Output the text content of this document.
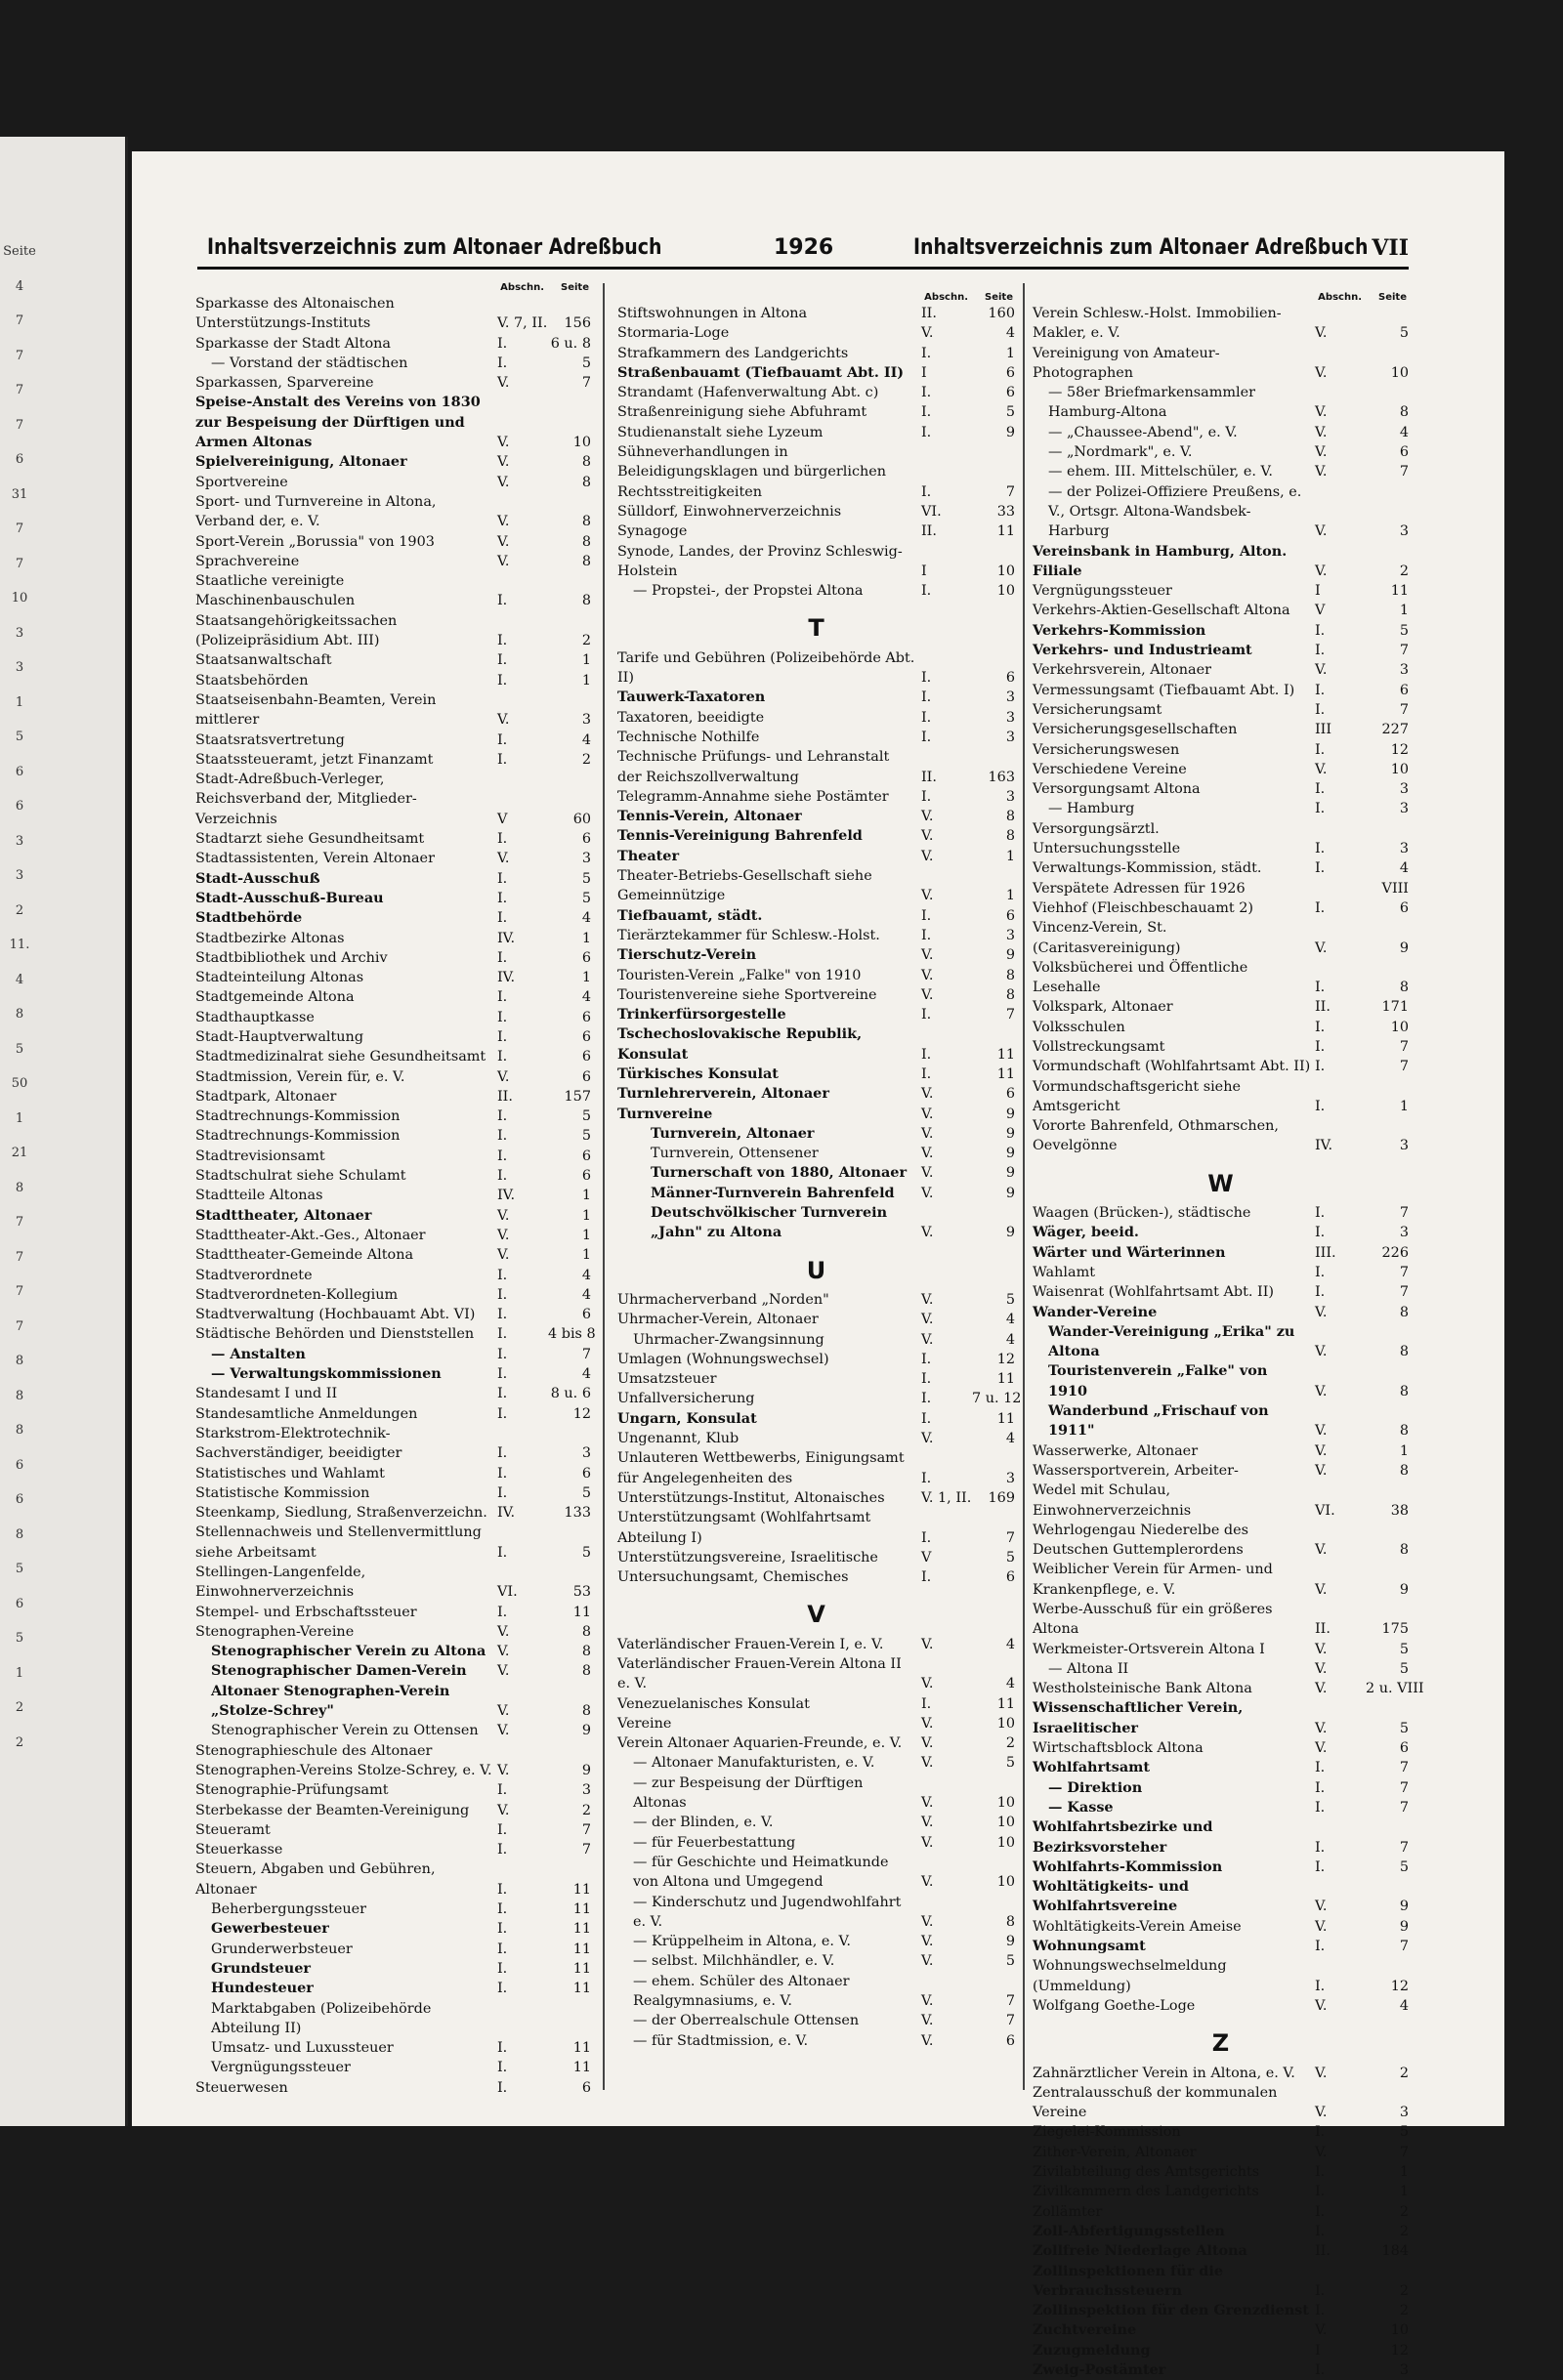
Seite
4
7
7
7
7
6
31
7
7
10
3
3
1
5
6
6
3
3
2
11.
4
8
5
50
1
21
8
7
7
7
7
8
8
8
6
6
8
5
6
5
1
2
2
Inhaltsverzeichnis zum Altonaer Adreßbuch	1926	Inhaltsverzeichnis zum Altonaer Adreßbuch VII
Abschn. Seite
Sparkasse des Altonaischen Unterstützungs-Instituts	V. 7, II.	156
Sparkasse der Stadt Altona	I.	6 u. 8
— Vorstand der städtischen	I.	5
Sparkassen, Sparvereine	V.	7
Speise-Anstalt des Vereins von 1830 zur Bespeisung der Dürftigen und Armen Altonas	V.	10
Spielvereinigung, Altonaer	V.	8
Sportvereine	V.	8
Sport- und Turnvereine in Altona, Verband der, e. V.	V.	8
Sport-Verein „Borussia" von 1903	V.	8
Sprachvereine	V.	8
Staatliche vereinigte Maschinenbauschulen	I.	8
Staatsangehörigkeitssachen (Polizeipräsidium Abt. III)	I.	2
Staatsanwaltschaft	I.	1
Staatsbehörden	I.	1
Staatseisenbahn-Beamten, Verein mittlerer	V.	3
Staatsratsvertretung	I.	4
Staatssteueramt, jetzt Finanzamt	I.	2
Stadt-Adreßbuch-Verleger, Reichsverband der, Mitglieder-Verzeichnis	V	60
Stadtarzt siehe Gesundheitsamt	I.	6
Stadtassistenten, Verein Altonaer	V.	3
Stadt-Ausschuß	I.	5
Stadt-Ausschuß-Bureau	I.	5
Stadtbehörde	I.	4
Stadtbezirke Altonas	IV.	1
Stadtbibliothek und Archiv	I.	6
Stadteinteilung Altonas	IV.	1
Stadtgemeinde Altona	I.	4
Stadthauptkasse	I.	6
Stadt-Hauptverwaltung	I.	6
Stadtmedizinalrat siehe Gesundheitsamt I.	6
Stadtmission, Verein für, e. V.	V.	6
Stadtpark, Altonaer	II.	157
Stadtrechnungs-Kommission	I.	5
Stadtrechnungs-Kommission	I.	5
Stadtrevisionsamt	I.	6
Stadtschulrat siehe Schulamt	I.	6
Stadtteile Altonas	IV.	1
Stadttheater, Altonaer	V.	1
Stadttheater-Akt.-Ges., Altonaer	V.	1
Stadttheater-Gemeinde Altona	V.	1
Stadtverordnete	I.	4
Stadtverordneten-Kollegium	I.	4
Stadtverwaltung (Hochbauamt Abt. VI)	I.	6
Städtische Behörden und Dienststellen	I.	4 bis 8
— Anstalten	I.	7
— Verwaltungskommissionen	I.	4
Standesamt I und II	I.	8 u. 6
Standesamtliche Anmeldungen	I.	12
Starkstrom-Elektrotechnik-Sachverständiger, beeidigter	I.	3
Statistisches und Wahlamt	I.	6
Statistische Kommission	I.	5
Steenkamp, Siedlung, Straßenverzeichn. IV.	133
Stellennachweis und Stellenvermittlung siehe Arbeitsamt	I.	5
Stellingen-Langenfelde, Einwohnerverzeichnis	VI.	53
Stempel- und Erbschaftssteuer	I.	11
Stenographen-Vereine	V.	8
Stenographischer Verein zu Altona V.	8
Stenographischer Damen-Verein	V.	8
Altonaer Stenographen-Verein „Stolze-Schrey"	V.	8
Stenographischer Verein zu Ottensen	V.	9
Stenographieschule des Altonaer Stenographen-Vereins Stolze-Schrey, e. V. V.	9
Stenographie-Prüfungsamt	I.	3
Sterbekasse der Beamten-Vereinigung	V.	2
Steueramt	I.	7
Steuerkasse	I.	7
Steuern, Abgaben und Gebühren, Altonaer	I.	11
Beherbergungssteuer	I.	11
Gewerbesteuer	I.	11
Grunderwerbsteuer	I.	11
Grundsteuer	I.	11
Hundesteuer	I.	11
Marktabgaben (Polizeibehörde Abteilung II)
Umsatz- und Luxussteuer	I.	11
Vergnügungssteuer	I.	11
Steuerwesen	I.	6
Abschn. Seite
Stiftswohnungen in Altona	II.	160
Stormaria-Loge	V.	4
Strafkammern des Landgerichts	I.	1
Straßenbauamt (Tiefbauamt Abt. II)	I	6
Strandamt (Hafenverwaltung Abt. c)	I.	6
Straßenreinigung siehe Abfuhramt	I.	5
Studienanstalt siehe Lyzeum	I.	9
Sühneverhandlungen in Beleidigungsklagen und bürgerlichen Rechtsstreitigkeiten	I.	7
Sülldorf, Einwohnerverzeichnis	VI.	33
Synagoge	II.	11
Synode, Landes, der Provinz Schleswig-Holstein	I	10
— Propstei-, der Propstei Altona	I.	10
T
Tarife und Gebühren (Polizeibehörde Abt. II)	I.	6
Tauwerk-Taxatoren	I.	3
Taxatoren, beeidigte	I.	3
Technische Nothilfe	I.	3
Technische Prüfungs- und Lehranstalt der Reichszollverwaltung	II.	163
Telegramm-Annahme siehe Postämter	I.	3
Tennis-Verein, Altonaer	V.	8
Tennis-Vereinigung Bahrenfeld	V.	8
Theater	V.	1
Theater-Betriebs-Gesellschaft siehe Gemeinnützige	V.	1
Tiefbauamt, städt.	I.	6
Tierärztekammer für Schlesw.-Holst.	I.	3
Tierschutz-Verein	V.	9
Touristen-Verein „Falke" von 1910	V.	8
Touristenvereine siehe Sportvereine	V.	8
Trinkerfürsorgestelle	I.	7
Tschechoslovakische Republik, Konsulat	I.	11
Türkisches Konsulat	I.	11
Turnlehrerverein, Altonaer	V.	6
Turnvereine	V.	9
Turnverein, Altonaer	V.	9
Turnverein, Ottensener	V.	9
Turnerschaft von 1880, Altonaer	V.	9
Männer-Turnverein Bahrenfeld	V.	9
Deutschvölkischer Turnverein „Jahn" zu Altona	V.	9
U
Uhrmacherverband „Norden"	V.	5
Uhrmacher-Verein, Altonaer	V.	4
Uhrmacher-Zwangsinnung	V.	4
Umlagen (Wohnungswechsel)	I.	12
Umsatzsteuer	I.	11
Unfallversicherung	I.	7 u. 12
Ungarn, Konsulat	I.	11
Ungenannt, Klub	V.	4
Unlauteren Wettbewerbs, Einigungsamt für Angelegenheiten des	I.	3
Unterstützungs-Institut, Altonaisches	V. 1, II.	169
Unterstützungsamt (Wohlfahrtsamt Abteilung I)	I.	7
Unterstützungsvereine, Israelitische	V	5
Untersuchungsamt, Chemisches	I.	6
V
Vaterländischer Frauen-Verein I, e. V.	V.	4
Vaterländischer Frauen-Verein Altona II e. V.	V.	4
Venezuelanisches Konsulat	I.	11
Vereine	V.	10
Verein Altonaer Aquarien-Freunde, e. V.	V.	2
— Altonaer Manufakturisten, e. V.	V.	5
— zur Bespeisung der Dürftigen Altonas	V.	10
— der Blinden, e. V.	V.	10
— für Feuerbestattung	V.	10
— für Geschichte und Heimatkunde von Altona und Umgegend	V.	10
— Kinderschutz und Jugendwohlfahrt e. V.	V.	8
— Krüppelheim in Altona, e. V.	V.	9
— selbst. Milchhändler, e. V.	V.	5
— ehem. Schüler des Altonaer Realgymnasiums, e. V.	V.	7
— der Oberrealschule Ottensen	V.	7
— für Stadtmission, e. V.	V.	6
Abschn. Seite
Verein Schlesw.-Holst. Immobilien-Makler, e. V.	V.	5
Vereinigung von Amateur-Photographen	V.	10
— 58er Briefmarkensammler Hamburg-Altona	V.	8
— „Chaussee-Abend", e. V.	V.	4
— „Nordmark", e. V.	V.	6
— ehem. III. Mittelschüler, e. V.	V.	7
— der Polizei-Offiziere Preußens, e. V., Ortsgr. Altona-Wandsbek-Harburg	V.	3
Vereinsbank in Hamburg, Alton. Filiale	V.	2
Vergnügungssteuer	I	11
Verkehrs-Aktien-Gesellschaft Altona	V	1
Verkehrs-Kommission	I.	5
Verkehrs- und Industrieamt	I.	7
Verkehrsverein, Altonaer	V.	3
Vermessungsamt (Tiefbauamt Abt. I)	I.	6
Versicherungsamt	I.	7
Versicherungsgesellschaften	III	227
Versicherungswesen	I.	12
Verschiedene Vereine	V.	10
Versorgungsamt Altona	I.	3
— Hamburg	I.	3
Versorgungsärztl. Untersuchungsstelle	I.	3
Verwaltungs-Kommission, städt.	I.	4
Verspätete Adressen für 1926	VIII
Viehhof (Fleischbeschauamt 2)	I.	6
Vincenz-Verein, St. (Caritasvereinigung)	V.	9
Volksbücherei und Öffentliche Lesehalle	I.	8
Volkspark, Altonaer	II.	171
Volksschulen	I.	10
Vollstreckungsamt	I.	7
Vormundschaft (Wohlfahrtsamt Abt. II) I.	7
Vormundschaftsgericht siehe Amtsgericht	I.	1
Vororte Bahrenfeld, Othmarschen, Oevelgönne	IV.	3
W
Waagen (Brücken-), städtische	I.	7
Wäger, beeid.	I.	3
Wärter und Wärterinnen	III.	226
Wahlamt	I.	7
Waisenrat (Wohlfahrtsamt Abt. II)	I.	7
Wander-Vereine	V.	8
Wander-Vereinigung „Erika" zu Altona	V.	8
Touristenverein „Falke" von 1910	V.	8
Wanderbund „Frischauf von 1911"	V.	8
Wasserwerke, Altonaer	V.	1
Wassersportverein, Arbeiter-	V.	8
Wedel mit Schulau, Einwohnerverzeichnis	VI.	38
Wehrlogengau Niederelbe des Deutschen Guttemplerordens	V.	8
Weiblicher Verein für Armen- und Krankenpflege, e. V.	V.	9
Werbe-Ausschuß für ein größeres Altona	II.	175
Werkmeister-Ortsverein Altona I	V.	5
— Altona II	V.	5
Westholsteinische Bank Altona	V.	2 u. VIII
Wissenschaftlicher Verein, Israelitischer	V.	5
Wirtschaftsblock Altona	V.	6
Wohlfahrtsamt	I.	7
— Direktion	I.	7
— Kasse	I.	7
Wohlfahrtsbezirke und Bezirksvorsteher	I.	7
Wohlfahrts-Kommission	I.	5
Wohltätigkeits- und Wohlfahrtsvereine	V.	9
Wohltätigkeits-Verein Ameise	V.	9
Wohnungsamt	I.	7
Wohnungswechselmeldung (Ummeldung)	I.	12
Wolfgang Goethe-Loge	V.	4
Z
Zahnärztlicher Verein in Altona, e. V.	V.	2
Zentralausschuß der kommunalen Vereine	V.	3
Ziegelei-Kommission	I.	5
Zither-Verein, Altonaer	V.	7
Zivilabteilung des Amtsgerichts	I.	1
Zivilkammern des Landgerichts	I.	1
Zollämter	I.	2
Zoll-Abfertigungsstellen	I.	2
Zollfreie Niederlage Altona	II.	184
Zollinspektionen für die Verbrauchssteuern	I.	2
Zollinspektion für den Grenzdienst I.	2
Zuchtvereine	V.	10
Zuzugmeldung	I	12
Zweig-Postämter	I.	3
